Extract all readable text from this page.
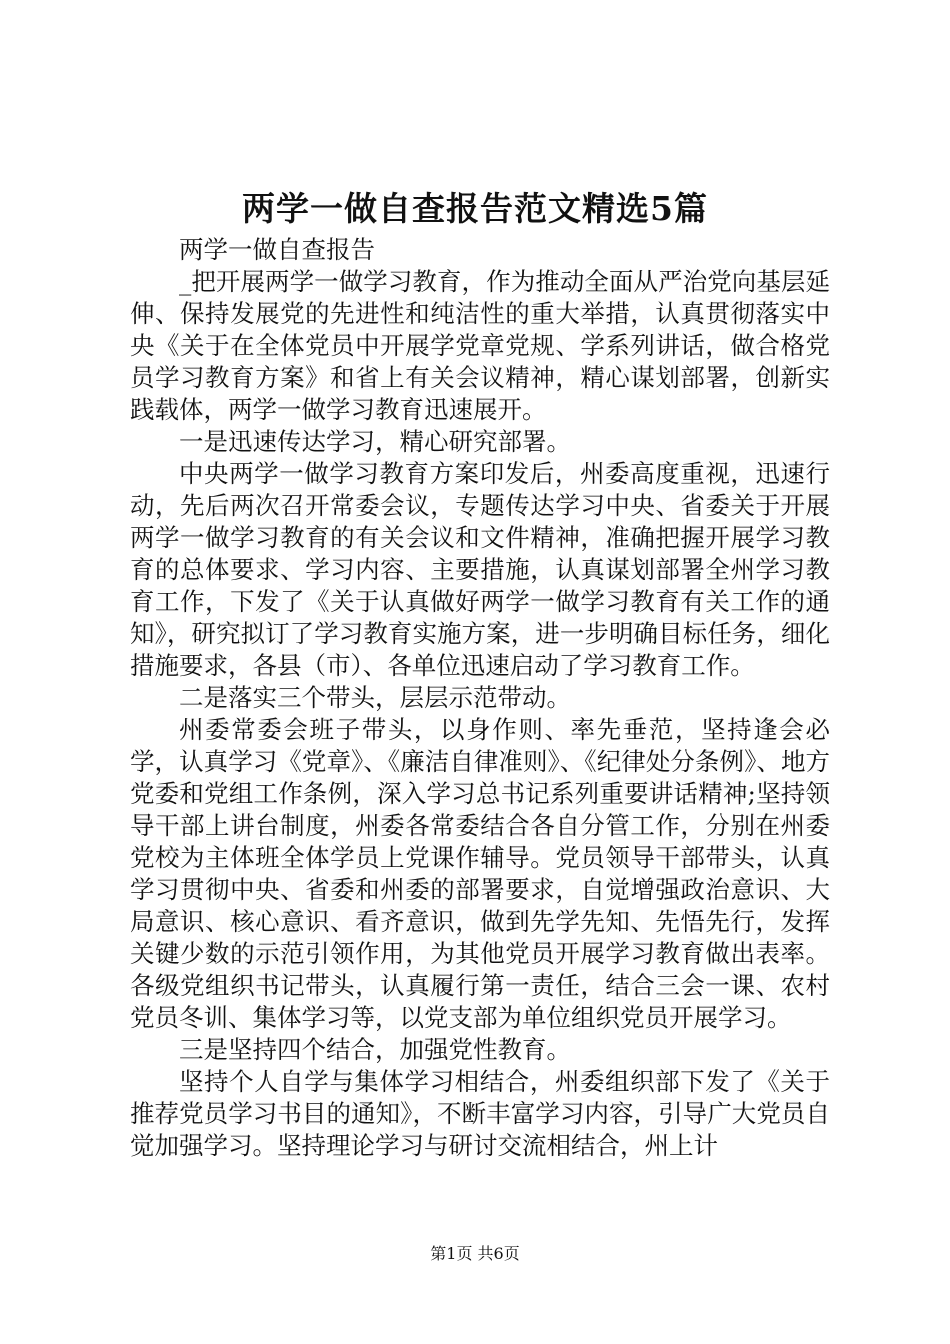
两学一做自查报告范文精选5篇

两学一做自查报告

_把开展两学一做学习教育，作为推动全面从严治党向基层延伸、保持发展党的先进性和纯洁性的重大举措，认真贯彻落实中央《关于在全体党员中开展学党章党规、学系列讲话，做合格党员学习教育方案》和省上有关会议精神，精心谋划部署，创新实践载体，两学一做学习教育迅速展开。

一是迅速传达学习，精心研究部署。

中央两学一做学习教育方案印发后，州委高度重视，迅速行动，先后两次召开常委会议，专题传达学习中央、省委关于开展两学一做学习教育的有关会议和文件精神，准确把握开展学习教育的总体要求、学习内容、主要措施，认真谋划部署全州学习教育工作，下发了《关于认真做好两学一做学习教育有关工作的通知》，研究拟订了学习教育实施方案，进一步明确目标任务，细化措施要求，各县（市）、各单位迅速启动了学习教育工作。

二是落实三个带头，层层示范带动。

州委常委会班子带头，以身作则、率先垂范，坚持逢会必学，认真学习《党章》、《廉洁自律准则》、《纪律处分条例》、地方党委和党组工作条例，深入学习总书记系列重要讲话精神;坚持领导干部上讲台制度，州委各常委结合各自分管工作，分别在州委党校为主体班全体学员上党课作辅导。党员领导干部带头，认真学习贯彻中央、省委和州委的部署要求，自觉增强政治意识、大局意识、核心意识、看齐意识，做到先学先知、先悟先行，发挥关键少数的示范引领作用，为其他党员开展学习教育做出表率。各级党组织书记带头，认真履行第一责任，结合三会一课、农村党员冬训、集体学习等，以党支部为单位组织党员开展学习。

三是坚持四个结合，加强党性教育。

坚持个人自学与集体学习相结合，州委组织部下发了《关于推荐党员学习书目的通知》，不断丰富学习内容，引导广大党员自觉加强学习。坚持理论学习与研讨交流相结合，州上计

第1页 共6页
